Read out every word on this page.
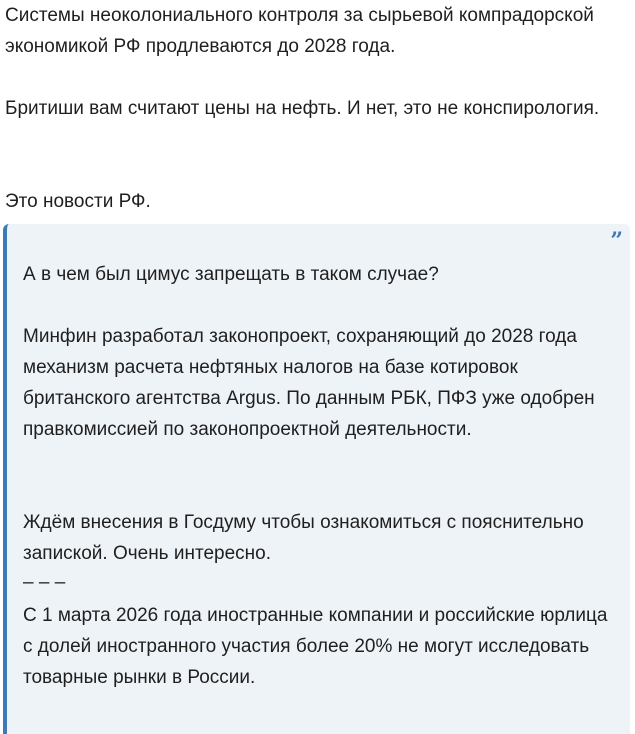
Системы неоколониального контроля за сырьевой компрадорской экономикой РФ продлеваются до 2028 года.

Бритиши вам считают цены на нефть. И нет, это не конспирология.

Это новости РФ.

”

А в чем был цимус запрещать в таком случае?

Минфин разработал законопроект, сохраняющий до 2028 года механизм расчета нефтяных налогов на базе котировок британского агентства Argus. По данным РБК, ПФЗ уже одобрен правкомиссией по законопроектной деятельности.

Ждём внесения в Госдуму чтобы ознакомиться с пояснительно запиской. Очень интересно.

– – –

С 1 марта 2026 года иностранные компании и российские юрлица с долей иностранного участия более 20% не могут исследовать товарные рынки в России.
